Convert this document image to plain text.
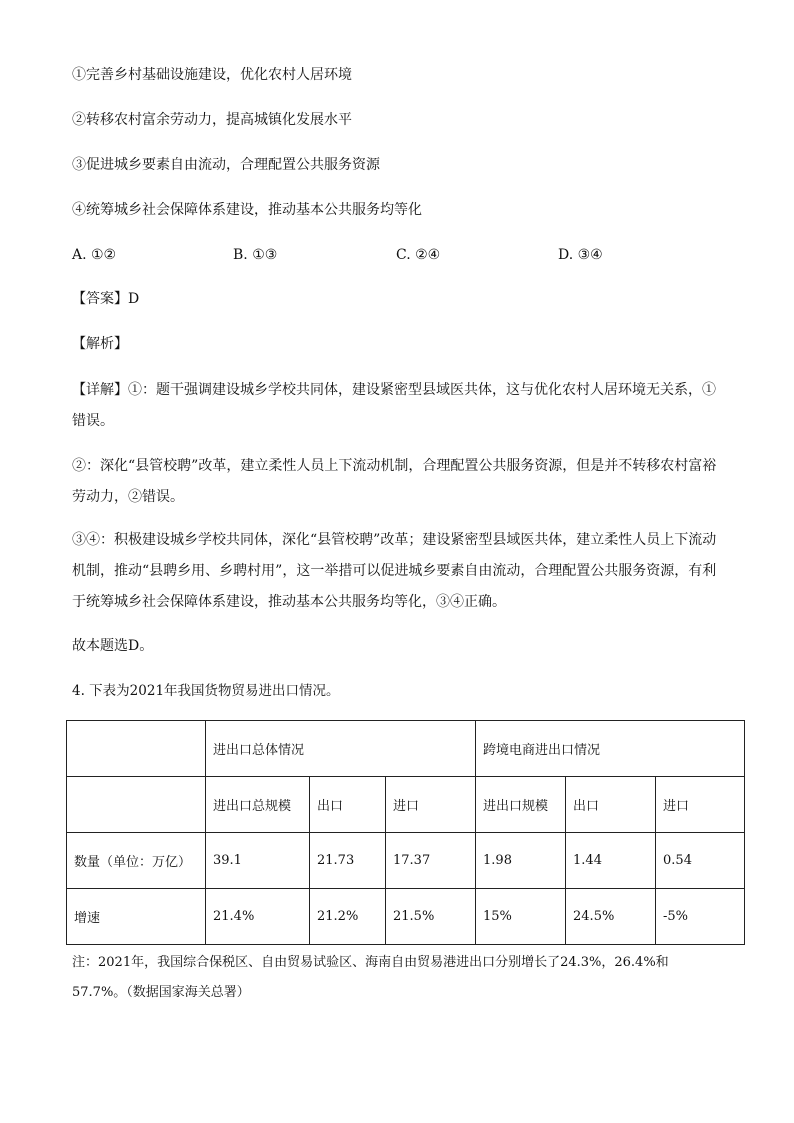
①完善乡村基础设施建设，优化农村人居环境
②转移农村富余劳动力，提高城镇化发展水平
③促进城乡要素自由流动，合理配置公共服务资源
④统筹城乡社会保障体系建设，推动基本公共服务均等化
A. ①②	B. ①③	C. ②④	D. ③④
【答案】D
【解析】
【详解】①：题干强调建设城乡学校共同体，建设紧密型县域医共体，这与优化农村人居环境无关系，①错误。
②：深化“县管校聘”改革，建立柔性人员上下流动机制，合理配置公共服务资源，但是并不转移农村富裕劳动力，②错误。
③④：积极建设城乡学校共同体，深化“县管校聘”改革；建设紧密型县域医共体，建立柔性人员上下流动机制，推动“县聘乡用、乡聘村用”，这一举措可以促进城乡要素自由流动，合理配置公共服务资源，有利于统筹城乡社会保障体系建设，推动基本公共服务均等化，③④正确。
故本题选D。
4. 下表为2021年我国货物贸易进出口情况。
	进出口总体情况			跨境电商进出口情况		
	进出口总规模	出口	进口	进出口规模	出口	进口
数量（单位：万亿）	39.1	21.73	17.37	1.98	1.44	0.54
增速	21.4%	21.2%	21.5%	15%	24.5%	-5%
注：2021年，我国综合保税区、自由贸易试验区、海南自由贸易港进出口分别增长了24.3%，26.4%和57.7%。（数据国家海关总署）
